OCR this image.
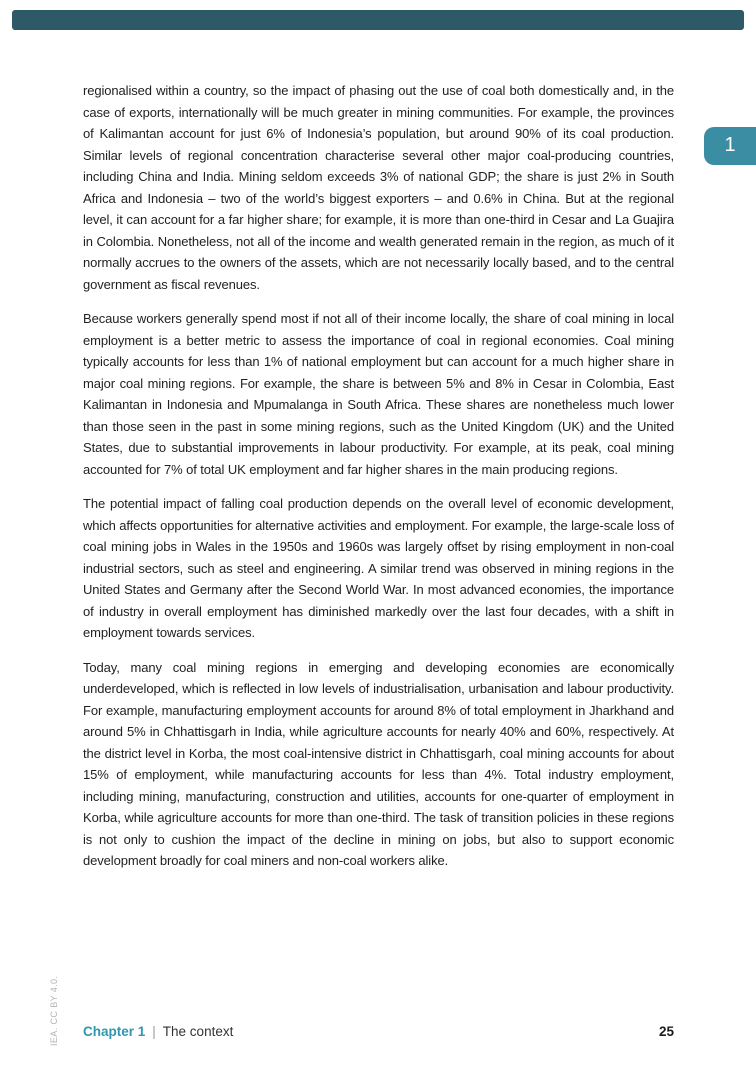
1

regionalised within a country, so the impact of phasing out the use of coal both domestically and, in the case of exports, internationally will be much greater in mining communities. For example, the provinces of Kalimantan account for just 6% of Indonesia’s population, but around 90% of its coal production. Similar levels of regional concentration characterise several other major coal-producing countries, including China and India. Mining seldom exceeds 3% of national GDP; the share is just 2% in South Africa and Indonesia – two of the world’s biggest exporters – and 0.6% in China. But at the regional level, it can account for a far higher share; for example, it is more than one-third in Cesar and La Guajira in Colombia. Nonetheless, not all of the income and wealth generated remain in the region, as much of it normally accrues to the owners of the assets, which are not necessarily locally based, and to the central government as fiscal revenues.

Because workers generally spend most if not all of their income locally, the share of coal mining in local employment is a better metric to assess the importance of coal in regional economies. Coal mining typically accounts for less than 1% of national employment but can account for a much higher share in major coal mining regions. For example, the share is between 5% and 8% in Cesar in Colombia, East Kalimantan in Indonesia and Mpumalanga in South Africa. These shares are nonetheless much lower than those seen in the past in some mining regions, such as the United Kingdom (UK) and the United States, due to substantial improvements in labour productivity. For example, at its peak, coal mining accounted for 7% of total UK employment and far higher shares in the main producing regions.

The potential impact of falling coal production depends on the overall level of economic development, which affects opportunities for alternative activities and employment. For example, the large-scale loss of coal mining jobs in Wales in the 1950s and 1960s was largely offset by rising employment in non-coal industrial sectors, such as steel and engineering. A similar trend was observed in mining regions in the United States and Germany after the Second World War. In most advanced economies, the importance of industry in overall employment has diminished markedly over the last four decades, with a shift in employment towards services.

Today, many coal mining regions in emerging and developing economies are economically underdeveloped, which is reflected in low levels of industrialisation, urbanisation and labour productivity. For example, manufacturing employment accounts for around 8% of total employment in Jharkhand and around 5% in Chhattisgarh in India, while agriculture accounts for nearly 40% and 60%, respectively. At the district level in Korba, the most coal-intensive district in Chhattisgarh, coal mining accounts for about 15% of employment, while manufacturing accounts for less than 4%. Total industry employment, including mining, manufacturing, construction and utilities, accounts for one-quarter of employment in Korba, while agriculture accounts for more than one-third. The task of transition policies in these regions is not only to cushion the impact of the decline in mining on jobs, but also to support economic development broadly for coal miners and non-coal workers alike.

IEA. CC BY 4.0. Chapter 1 | The context	25
